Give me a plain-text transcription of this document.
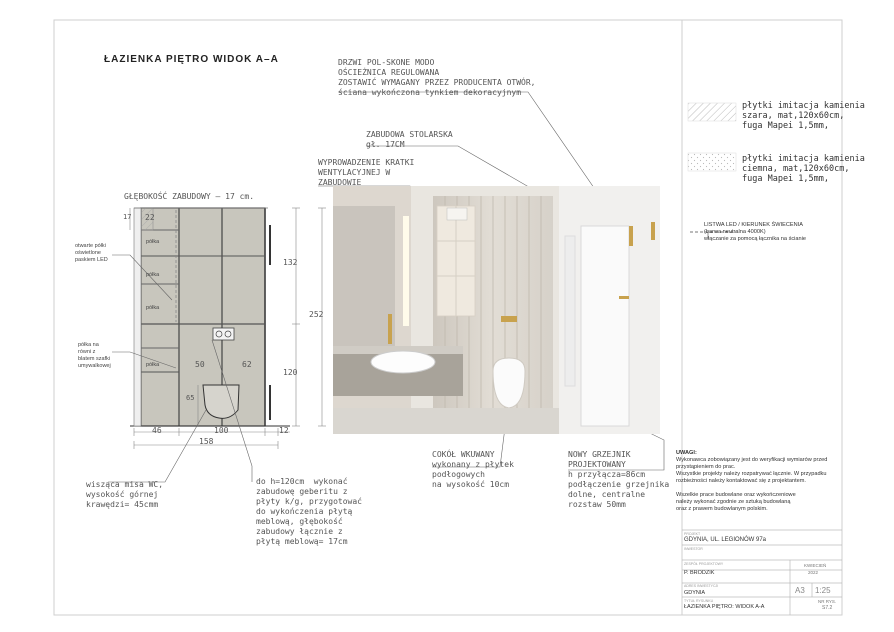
ŁAZIENKA PIĘTRO WIDOK A–A
GŁĘBOKOŚĆ ZABUDOWY – 17 cm.
półka
półka
półka
półka
17 22
50	62
65
132
120
252
46	100	12
158
otwarte półki
oświetlone
paskiem LED
półka na
równi z
blatem szafki
umywalkowej
DRZWI POL-SKONE MODO
OŚCIEŻNICA REGULOWANA
ZOSTAWIĆ WYMAGANY PRZEZ PRODUCENTA OTWÓR,
ściana wykończona tynkiem dekoracyjnym
ZABUDOWA STOLARSKA
gł. 17CM
WYPROWADZENIE KRATKI
WENTYLACYJNEJ W
ZABUDOWIE
wisząca misa WC,
wysokość górnej
krawędzi= 45cmm
do h=120cm  wykonać
zabudowę geberitu z
płyty k/g, przygotować
do wykończenia płytą
meblową, głębokość
zabudowy łącznie z
płytą meblową= 17cm
COKÓŁ WKUWANY
wykonany z płytek
podłogowych
na wysokość 10cm
NOWY GRZEJNIK
PROJEKTOWANY
h przyłącza=86cm
podłączenie grzejnika
dolne, centralne
rozstaw 50mm
płytki imitacja kamienia
szara, mat,120x60cm,
fuga Mapei 1,5mm,
płytki imitacja kamienia
ciemna, mat,120x60cm,
fuga Mapei 1,5mm,
LISTWA LED / KIERUNEK ŚWIECENIA
(barwa neutralna 4000K)
włączanie za pomocą łącznika na ścianie
UWAGI:
Wykonawca zobowiązany jest do weryfikacji wymiarów przed
przystąpieniem do prac.
Wszystkie projekty należy rozpatrywać łącznie. W przypadku
rozbieżności należy kontaktować się z projektantem.

Wszelkie prace budowlane oraz wykończeniowe
należy wykonać zgodnie ze sztuką budowlaną
oraz z prawem budowlanym polskim.
PROJEKT
GDYNIA, UL. LEGIONÓW 97a
INWESTOR
ZESPÓŁ PROJEKTOWY
P. BRODZIK
KWIECIEŃ
2022
ADRES INWESTYCJI
GDYNIA	A3 1:25
TYTUŁ RYSUNKU
ŁAZIENKA PIĘTRO: WIDOK A-A
NR RYS.
S7.2
